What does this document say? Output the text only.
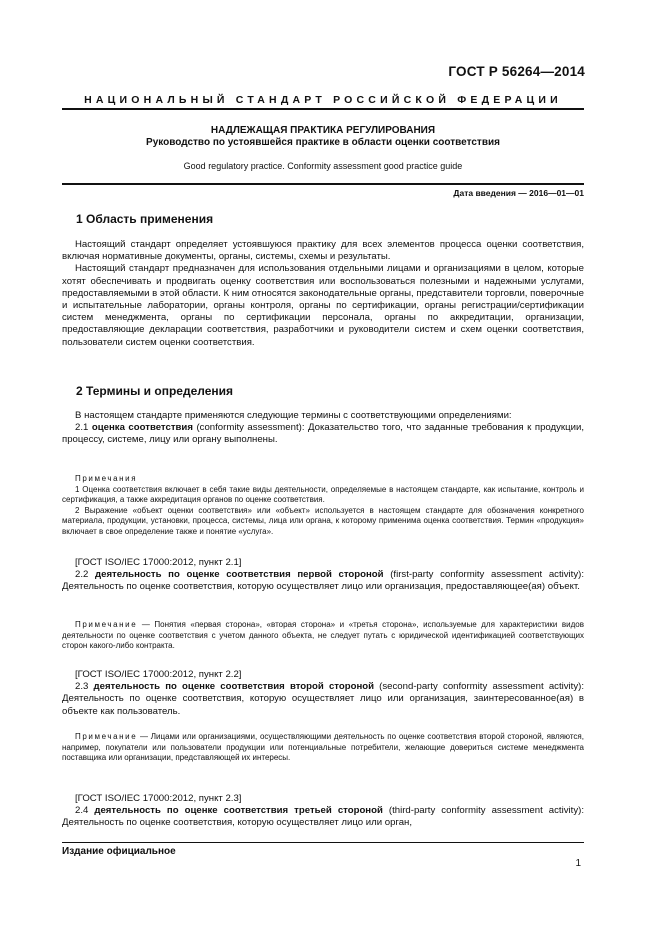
ГОСТ Р 56264—2014
НАЦИОНАЛЬНЫЙ СТАНДАРТ РОССИЙСКОЙ ФЕДЕРАЦИИ
НАДЛЕЖАЩАЯ ПРАКТИКА РЕГУЛИРОВАНИЯ
Руководство по устоявшейся практике в области оценки соответствия
Good regulatory practice. Conformity assessment good practice guide
Дата введения — 2016—01—01
1 Область применения

Настоящий стандарт определяет устоявшуюся практику для всех элементов процесса оценки соответствия, включая нормативные документы, органы, системы, схемы и результаты.

Настоящий стандарт предназначен для использования отдельными лицами и организациями в целом, которые хотят обеспечивать и продвигать оценку соответствия или воспользоваться полезными и надежными услугами, предоставляемыми в этой области. К ним относятся законодательные органы, представители торговли, поверочные и испытательные лаборатории, органы контроля, органы по сертификации, органы регистрации/сертификации систем менеджмента, органы по сертификации персонала, органы по аккредитации, организации, предоставляющие декларации соответствия, разработчики и руководители систем и схем оценки соответствия, пользователи систем оценки соответствия.

2 Термины и определения

В настоящем стандарте применяются следующие термины с соответствующими определениями:

2.1 оценка соответствия (conformity assessment): Доказательство того, что заданные требования к продукции, процессу, системе, лицу или органу выполнены.

Примечания

1 Оценка соответствия включает в себя такие виды деятельности, определяемые в настоящем стандарте, как испытание, контроль и сертификация, а также аккредитация органов по оценке соответствия.

2 Выражение «объект оценки соответствия» или «объект» используется в настоящем стандарте для обозначения конкретного материала, продукции, установки, процесса, системы, лица или органа, к которому применима оценка соответствия. Термин «продукция» включает в свое определение также и понятие «услуга».

[ГОСТ ISO/IEC 17000:2012, пункт 2.1]

2.2 деятельность по оценке соответствия первой стороной (first-party conformity assessment activity): Деятельность по оценке соответствия, которую осуществляет лицо или организация, предоставляющее(ая) объект.

Примечание — Понятия «первая сторона», «вторая сторона» и «третья сторона», используемые для характеристики видов деятельности по оценке соответствия с учетом данного объекта, не следует путать с юридической идентификацией соответствующих сторон какого-либо контракта.

[ГОСТ ISO/IEC 17000:2012, пункт 2.2]

2.3 деятельность по оценке соответствия второй стороной (second-party conformity assessment activity): Деятельность по оценке соответствия, которую осуществляет лицо или организация, заинтересованное(ая) в объекте как пользователь.

Примечание — Лицами или организациями, осуществляющими деятельность по оценке соответствия второй стороной, являются, например, покупатели или пользователи продукции или потенциальные потребители, желающие довериться системе менеджмента поставщика или организации, представляющей их интересы.

[ГОСТ ISO/IEC 17000:2012, пункт 2.3]

2.4 деятельность по оценке соответствия третьей стороной (third-party conformity assessment activity): Деятельность по оценке соответствия, которую осуществляет лицо или орган,

Издание официальное
1
